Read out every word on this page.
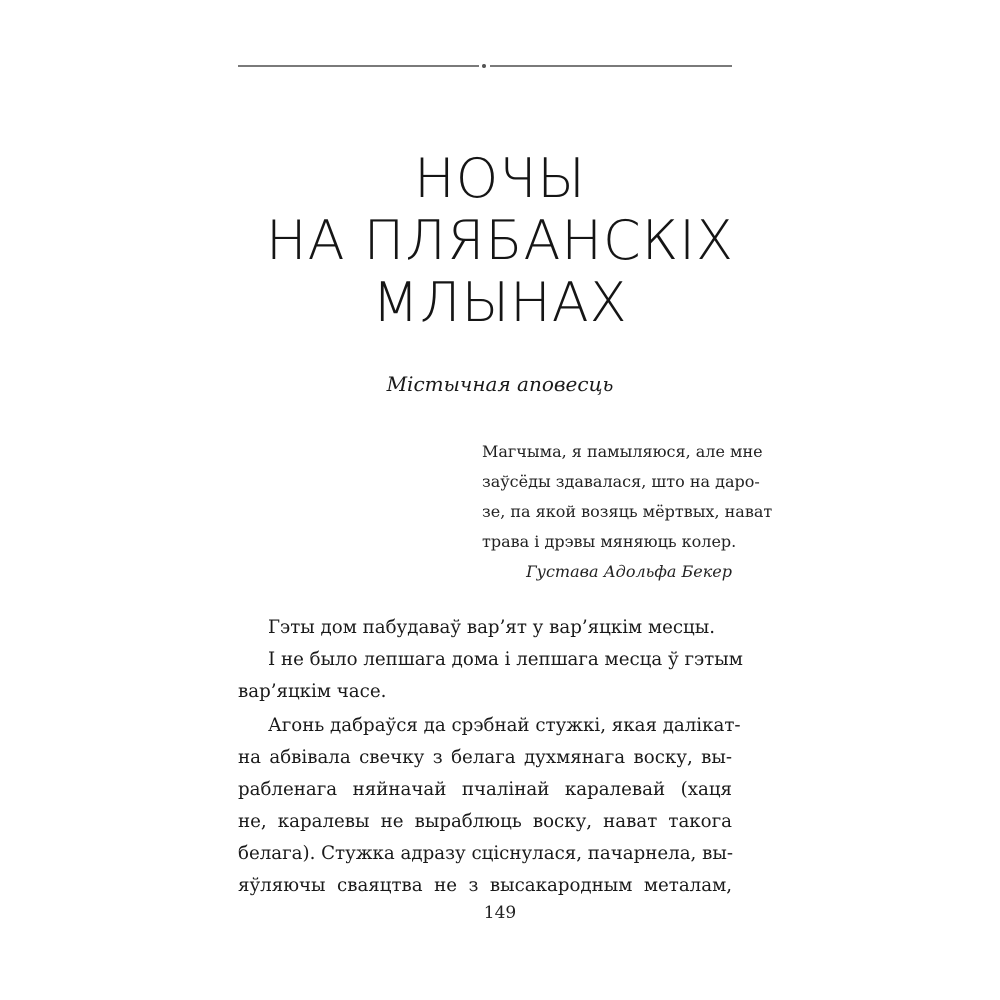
НОЧЫ
НА ПЛЯБАНСКІХ
МЛЫНАХ
Містычная аповесць
Магчыма, я памыляюся, але мне
заўсёды здавалася, што на даро-
зе, па якой возяць мёртвых, нават
трава і дрэвы мяняюць колер.
Густава Адольфа Бекер
Гэты дом пабудаваў вар’ят у вар’яцкім месцы.
І не было лепшага дома і лепшага месца ў гэтым
вар’яцкім часе.
Агонь дабраўся да срэбнай стужкі, якая далікат-
на абвівала свечку з белага духмянага воску, вы-
рабленага няйначай пчалінай каралевай (хаця
не, каралевы не выраблюць воску, нават такога
белага). Стужка адразу сціснулася, пачарнела, вы-
яўляючы сваяцтва не з высакародным металам,
149
